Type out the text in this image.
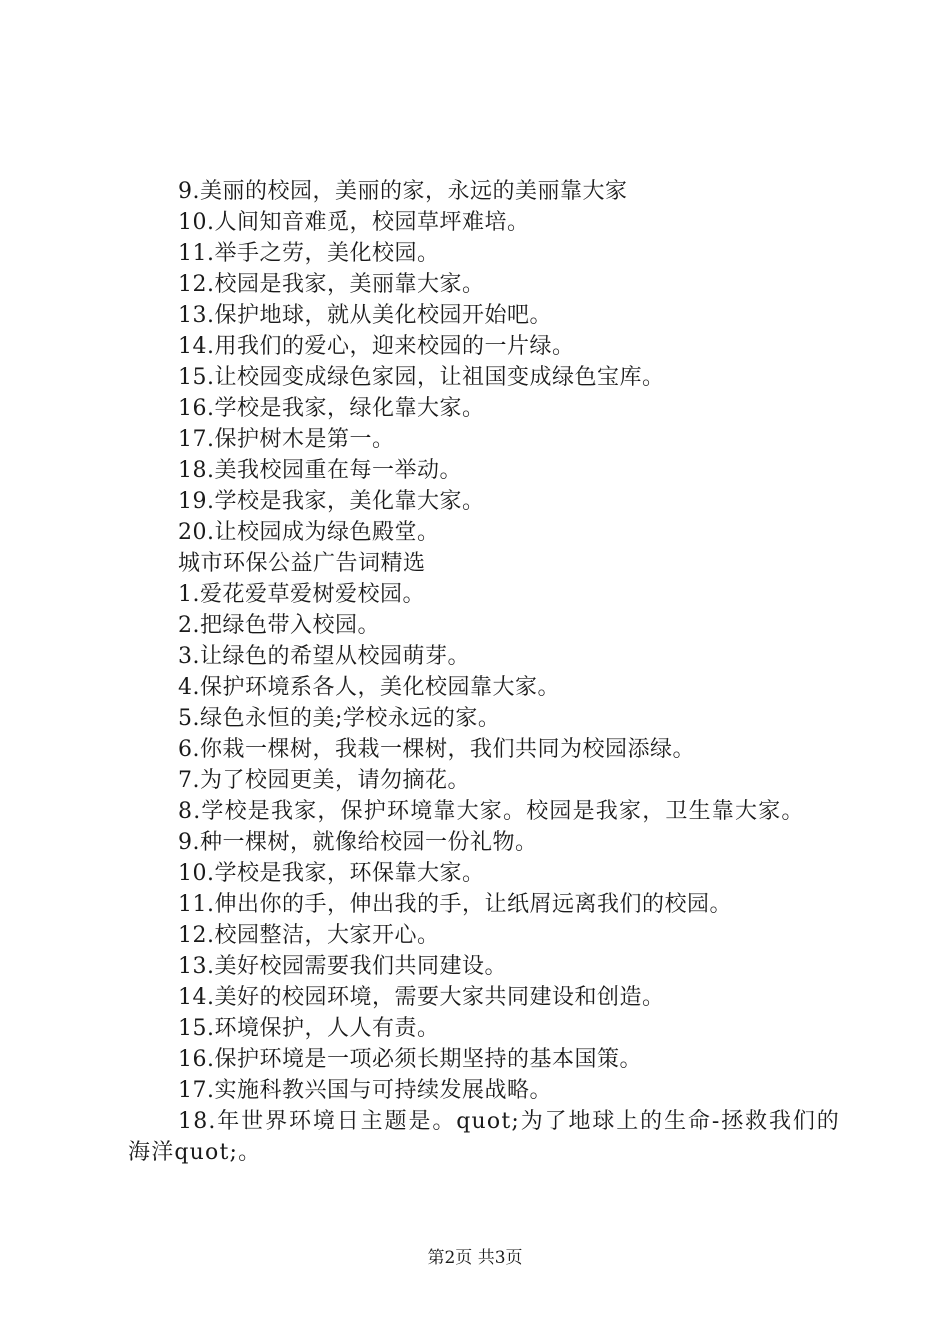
9.美丽的校园，美丽的家，永远的美丽靠大家
10.人间知音难觅，校园草坪难培。
11.举手之劳，美化校园。
12.校园是我家，美丽靠大家。
13.保护地球，就从美化校园开始吧。
14.用我们的爱心，迎来校园的一片绿。
15.让校园变成绿色家园，让祖国变成绿色宝库。
16.学校是我家，绿化靠大家。
17.保护树木是第一。
18.美我校园重在每一举动。
19.学校是我家，美化靠大家。
20.让校园成为绿色殿堂。
城市环保公益广告词精选
1.爱花爱草爱树爱校园。
2.把绿色带入校园。
3.让绿色的希望从校园萌芽。
4.保护环境系各人，美化校园靠大家。
5.绿色永恒的美;学校永远的家。
6.你栽一棵树，我栽一棵树，我们共同为校园添绿。
7.为了校园更美，请勿摘花。
8.学校是我家，保护环境靠大家。校园是我家，卫生靠大家。
9.种一棵树，就像给校园一份礼物。
10.学校是我家，环保靠大家。
11.伸出你的手，伸出我的手，让纸屑远离我们的校园。
12.校园整洁，大家开心。
13.美好校园需要我们共同建设。
14.美好的校园环境，需要大家共同建设和创造。
15.环境保护，人人有责。
16.保护环境是一项必须长期坚持的基本国策。
17.实施科教兴国与可持续发展战略。
18.年世界环境日主题是。quot;为了地球上的生命-拯救我们的海洋quot;。
第2页 共3页
